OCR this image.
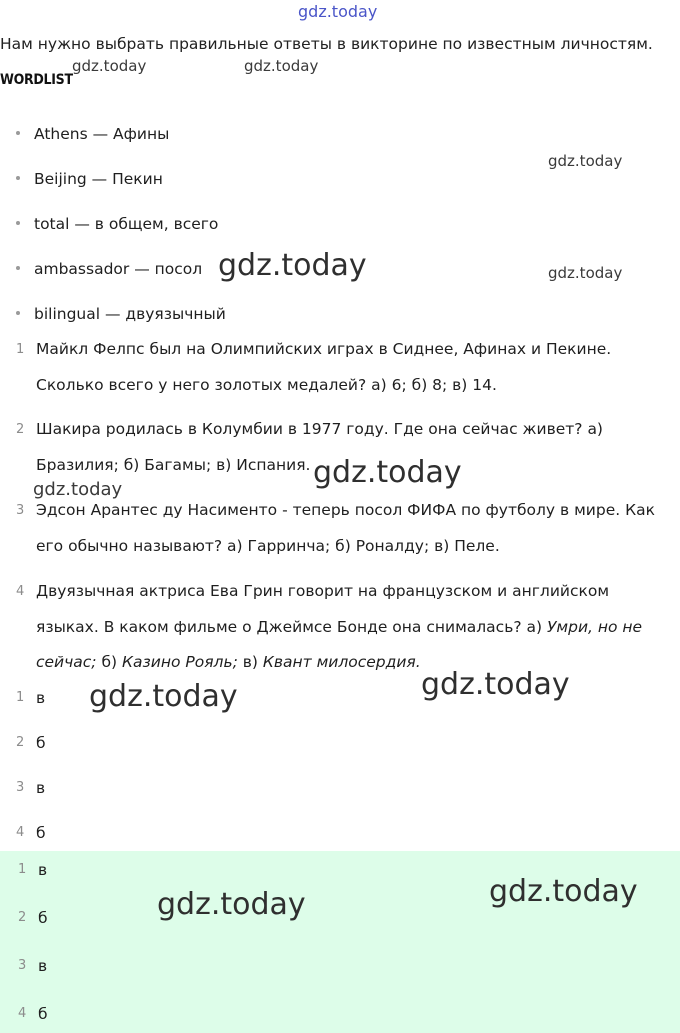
gdz.today
Нам нужно выбрать правильные ответы в викторине по известным личностям.
WORDLIST
gdz.today	gdz.today
Athens — Афины
Beijing — Пекин
total — в общем, всего
ambassador — посол
bilingual — двуязычный
gdz.today
gdz.today	gdz.today
1 Майкл Фелпс был на Олимпийских играх в Сиднее, Афинах и Пекине.
Сколько всего у него золотых медалей? а) 6; б) 8; в) 14.
2 Шакира родилась в Колумбии в 1977 году. Где она сейчас живет? а)
Бразилия; б) Багамы; в) Испания. gdz.today
gdz.today
3 Эдсон Арантес ду Насименто - теперь посол ФИФА по футболу в мире. Как
его обычно называют? а) Гарринча; б) Роналду; в) Пеле.
4 Двуязычная актриса Ева Грин говорит на французском и английском
языках. В каком фильме о Джеймсе Бонде она снималась? а) Умри, но не
сейчас; б) Казино Рояль; в) Квант милосердия.
gdz.today
gdz.today
1 в
2 б
3 в
4 б
gdz.today
gdz.today
1 в
2 б
3 в
4 б
